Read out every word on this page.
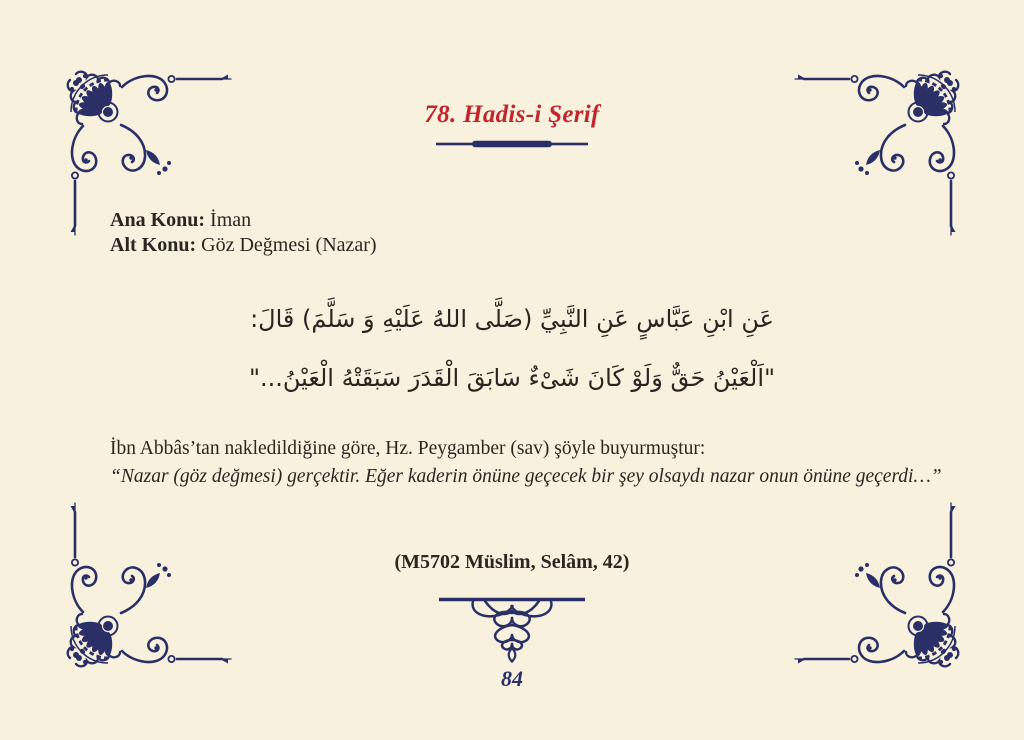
78. Hadis-i Şerif

Ana Konu: İman

Alt Konu: Göz Değmesi (Nazar)

عَنِ ابْنِ عَبَّاسٍ عَنِ النَّبِيِّ (صَلَّى اللهُ عَلَيْهِ وَ سَلَّمَ) قَالَ:

"اَلْعَيْنُ حَقٌّ وَلَوْ كَانَ شَىْءٌ سَابَقَ الْقَدَرَ سَبَقَتْهُ الْعَيْنُ..."

İbn Abbâs’tan nakledildiğine göre, Hz. Peygamber (sav) şöyle buyurmuştur:

“Nazar (göz değmesi) gerçektir. Eğer kaderin önüne geçecek bir şey olsaydı nazar onun önüne geçerdi…”

(M5702 Müslim, Selâm, 42)

84
